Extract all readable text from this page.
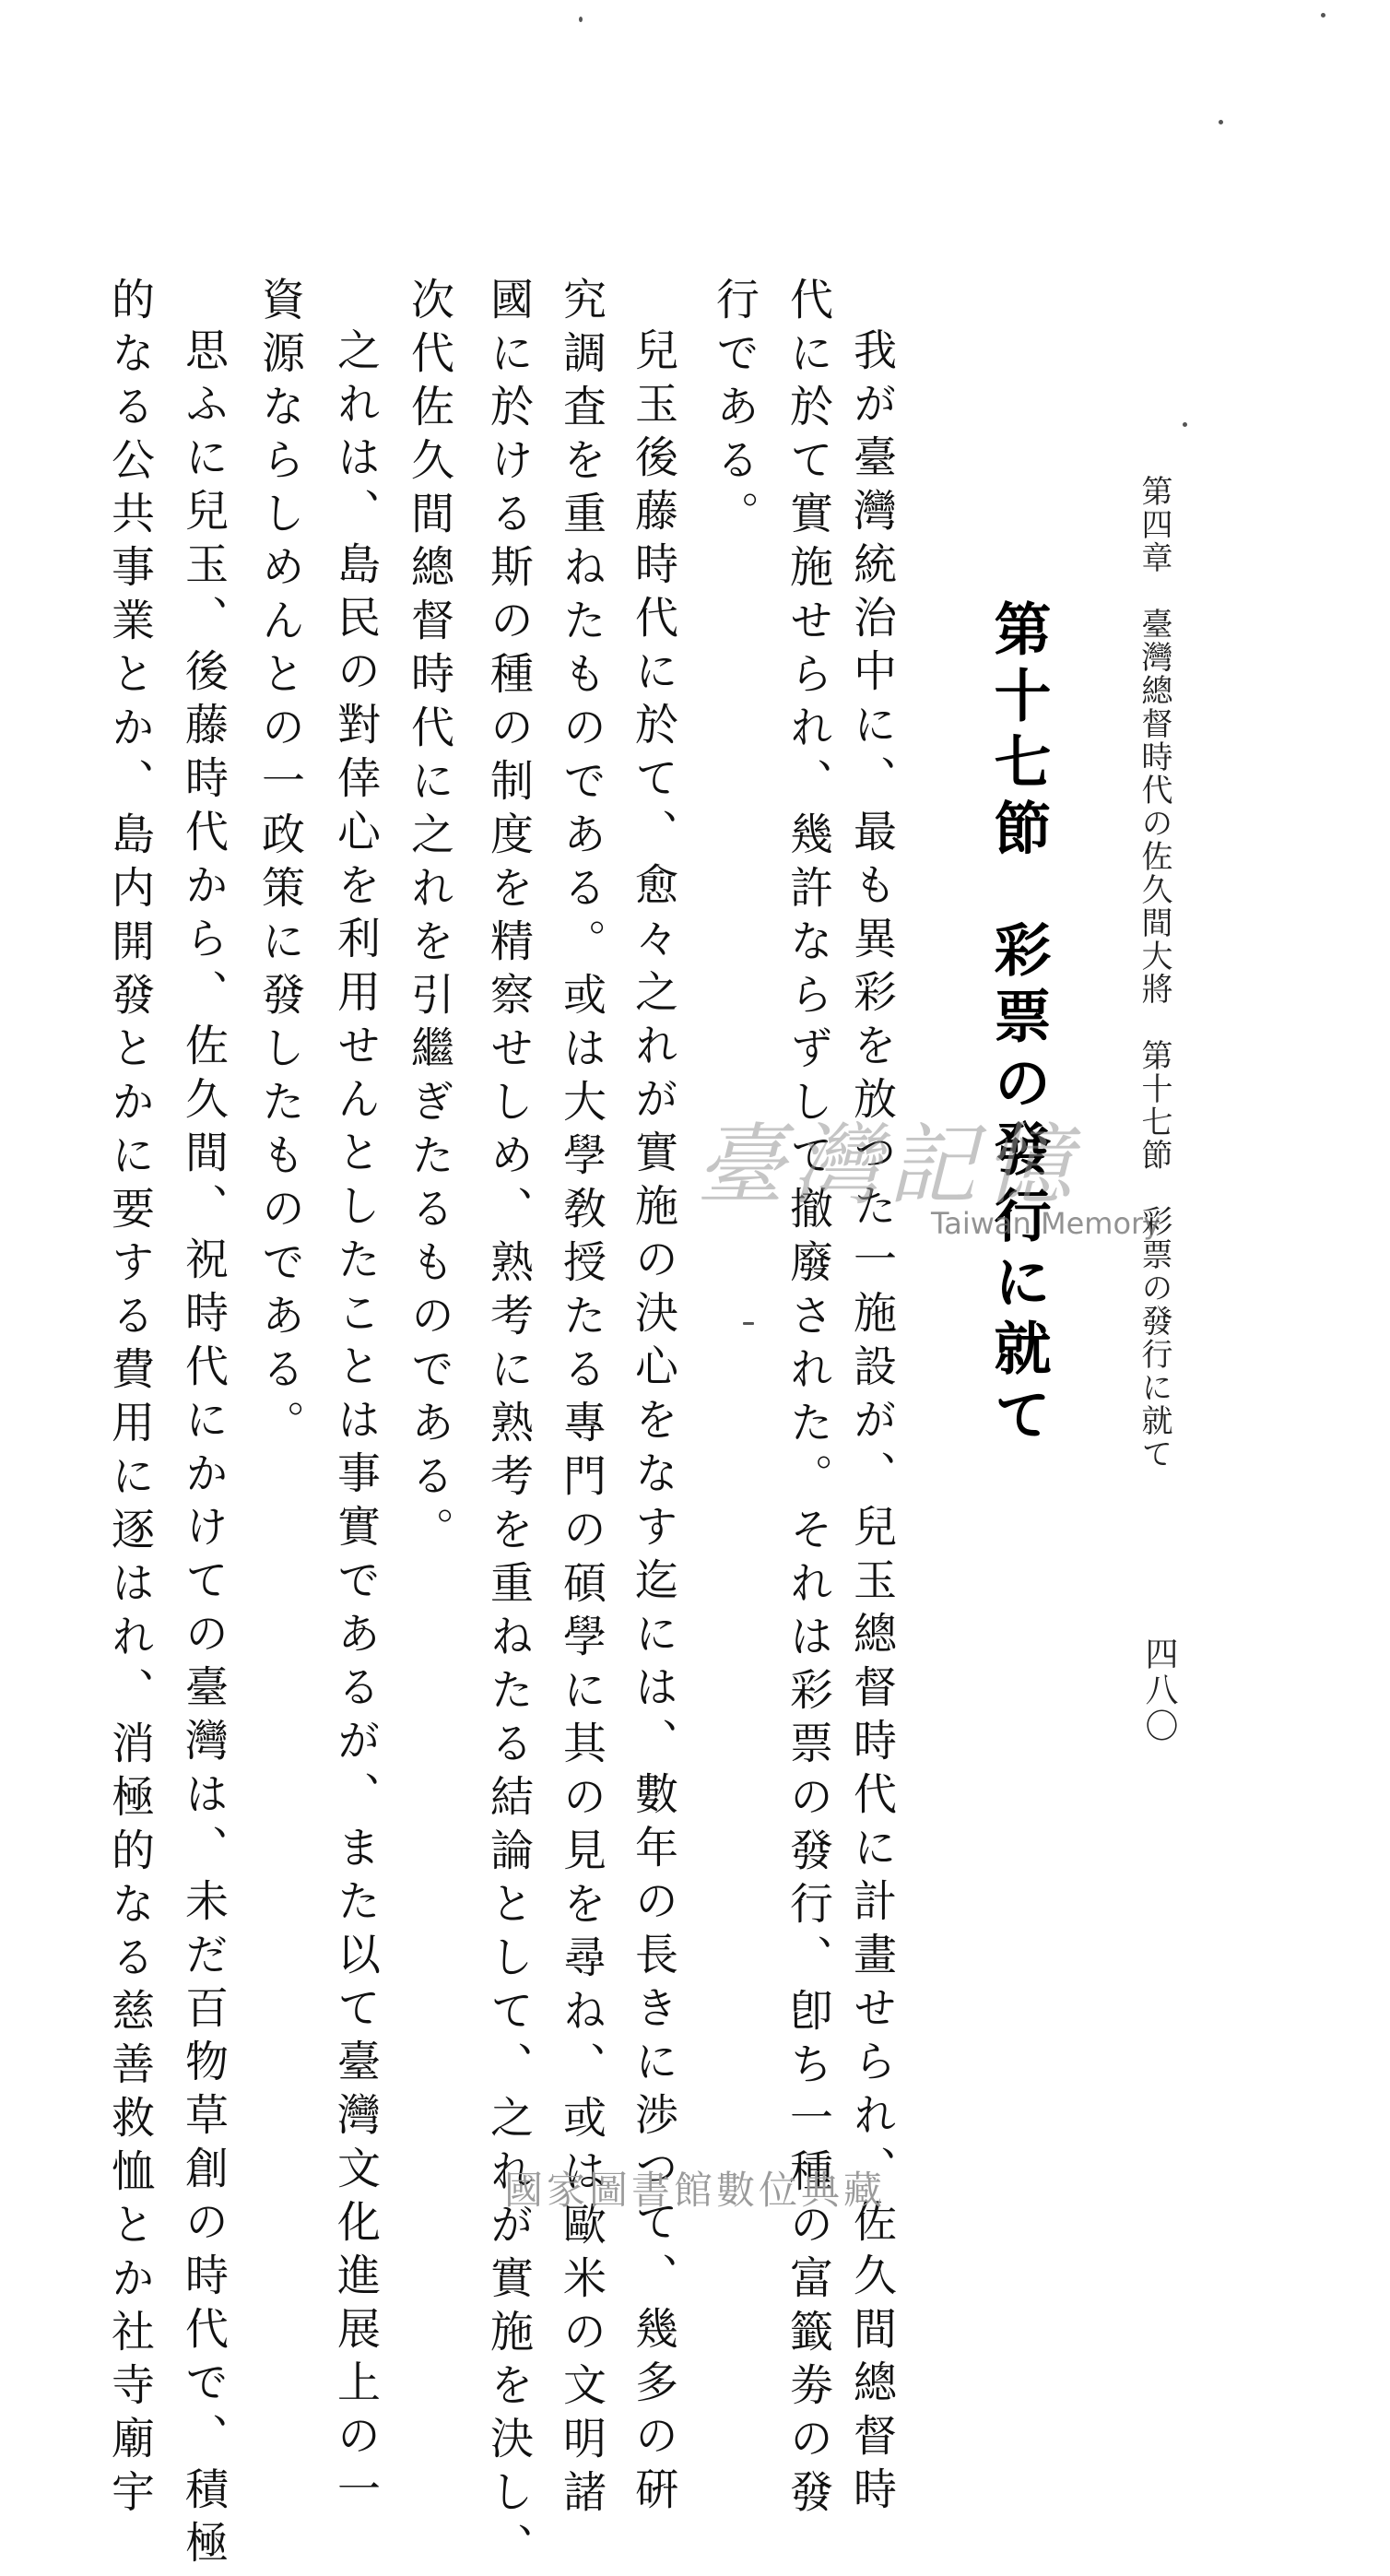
第四章　臺灣總督時代の佐久間大將　第十七節　彩票の發行に就て
四八〇
第十七節彩票の發行に就て
我が臺灣統治中に、最も異彩を放つた一施設が、兒玉總督時代に計畫せられ、佐久間總督時
代に於て實施せられ、幾許ならずして撤廢された。それは彩票の發行、卽ち一種の富籤劵の發
行である。
兒玉後藤時代に於て、愈々之れが實施の決心をなす迄には、數年の長きに渉つて、幾多の硏
究調査を重ねたものである。或は大學敎授たる專門の碩學に其の見を尋ね、或は歐米の文明諸
國に於ける斯の種の制度を精察せしめ、熟考に熟考を重ねたる結論として、之れが實施を決し、
次代佐久間總督時代に之れを引繼ぎたるものである。
之れは、島民の對倖心を利用せんとしたことは事實であるが、また以て臺灣文化進展上の一
資源ならしめんとの一政策に發したものである。
思ふに兒玉、後藤時代から、佐久間、祝時代にかけての臺灣は、未だ百物草創の時代で、積極
的なる公共事業とか、島内開發とかに要する費用に逐はれ、消極的なる慈善救恤とか社寺廟宇	臺灣記憶
Taiwan Memory
國家圖書館數位典藏
